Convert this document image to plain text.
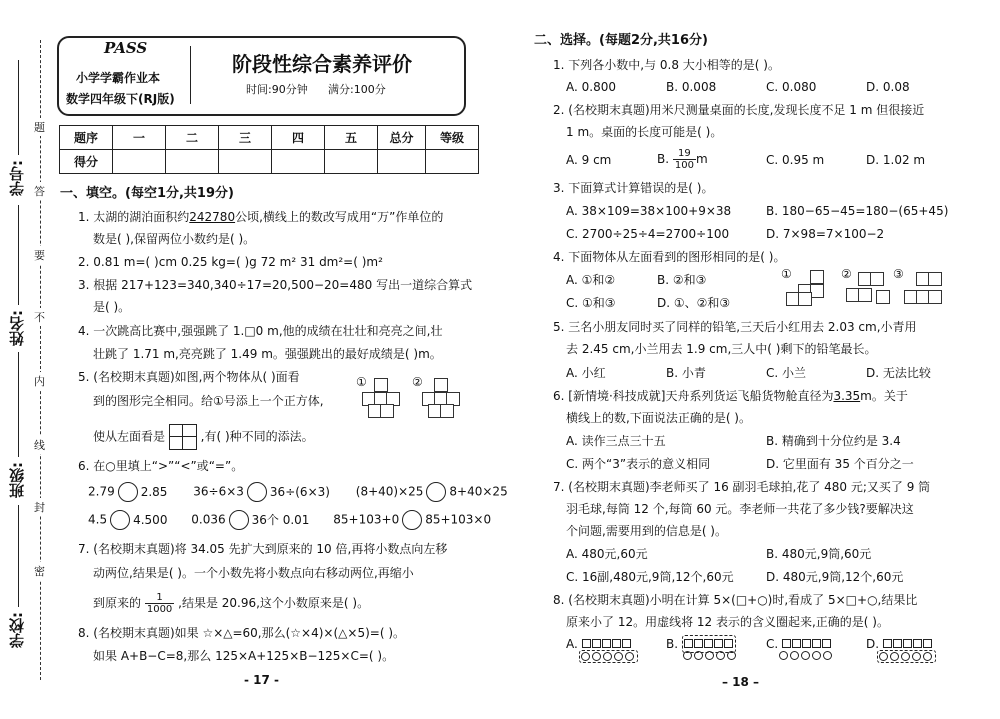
题
答
要
不
内
线
封
密
学号:
姓名:
班级:
学校:
PASS
小学学霸作业本
数学四年级下(RJ版)
阶段性综合素养评价
时间:90分钟 满分:100分
题序	一	二	三	四	五	总分	等级
得分							
一、填空。(每空1分,共19分)
1. 太湖的湖泊面积约242780公顷,横线上的数改写成用“万”作单位的
数是( ),保留两位小数约是( )。
2. 0.81 m=( )cm 0.25 kg=( )g 72 m² 31 dm²=( )m²
3. 根据 217+123=340,340÷17=20,500−20=480 写出一道综合算式
是( )。
4. 一次跳高比赛中,强强跳了 1.□0 m,他的成绩在壮壮和亮亮之间,壮
壮跳了 1.71 m,亮亮跳了 1.49 m。强强跳出的最好成绩是( )m。
5. (名校期末真题)如图,两个物体从( )面看
到的图形完全相同。给①号添上一个正方体,
使从左面看是	,有( )种不同的添法。
①	②
6. 在○里填上“>”“<”或“=”。
2.79 2.85 36÷6×3 36÷(6×3) (8+40)×25 8+40×25
4.5 4.500 0.036 36个 0.01 85+103+0 85+103×0
7. (名校期末真题)将 34.05 先扩大到原来的 10 倍,再将小数点向左移
动两位,结果是( )。一个小数先将小数点向右移动两位,再缩小
到原来的 $\frac{1}{1000}$ ,结果是 20.96,这个小数原来是( )。
8. (名校期末真题)如果 ☆×△=60,那么(☆×4)×(△×5)=( )。
如果 A+B−C=8,那么 125×A+125×B−125×C=( )。
- 17 -
二、选择。(每题2分,共16分)
1. 下列各小数中,与 0.8 大小相等的是( )。
A. 0.800	B. 0.008	C. 0.080	D. 0.08
2. (名校期末真题)用米尺测量桌面的长度,发现长度不足 1 m 但很接近
1 m。桌面的长度可能是( )。
A. 9 cm	B. $\frac{19}{100}$ m	C. 0.95 m	D. 1.02 m
3. 下面算式计算错误的是( )。
A. 38×109=38×100+9×38	B. 180−65−45=180−(65+45)
C. 2700÷25÷4=2700÷100	D. 7×98=7×100−2
4. 下面物体从左面看到的图形相同的是( )。
A. ①和②	B. ②和③
C. ①和③	D. ①、②和③
①	②	③
5. 三名小朋友同时买了同样的铅笔,三天后小红用去 2.03 cm,小青用
去 2.45 cm,小兰用去 1.9 cm,三人中( )剩下的铅笔最长。
A. 小红	B. 小青	C. 小兰	D. 无法比较
6. [新情境·科技成就]天舟系列货运飞船货物舱直径为3.35m。关于
横线上的数,下面说法正确的是( )。
A. 读作三点三十五	B. 精确到十分位约是 3.4
C. 两个“3”表示的意义相同	D. 它里面有 35 个百分之一
7. (名校期末真题)李老师买了 16 副羽毛球拍,花了 480 元;又买了 9 筒
羽毛球,每筒 12 个,每筒 60 元。李老师一共花了多少钱?要解决这
个问题,需要用到的信息是( )。
A. 480元,60元	B. 480元,9筒,60元
C. 16副,480元,9筒,12个,60元	D. 480元,9筒,12个,60元
8. (名校期末真题)小明在计算 5×(□+○)时,看成了 5×□+○,结果比
原来小了 12。用虚线将 12 表示的含义圈起来,正确的是( )。
A.	B.	C.	D.
– 18 –
